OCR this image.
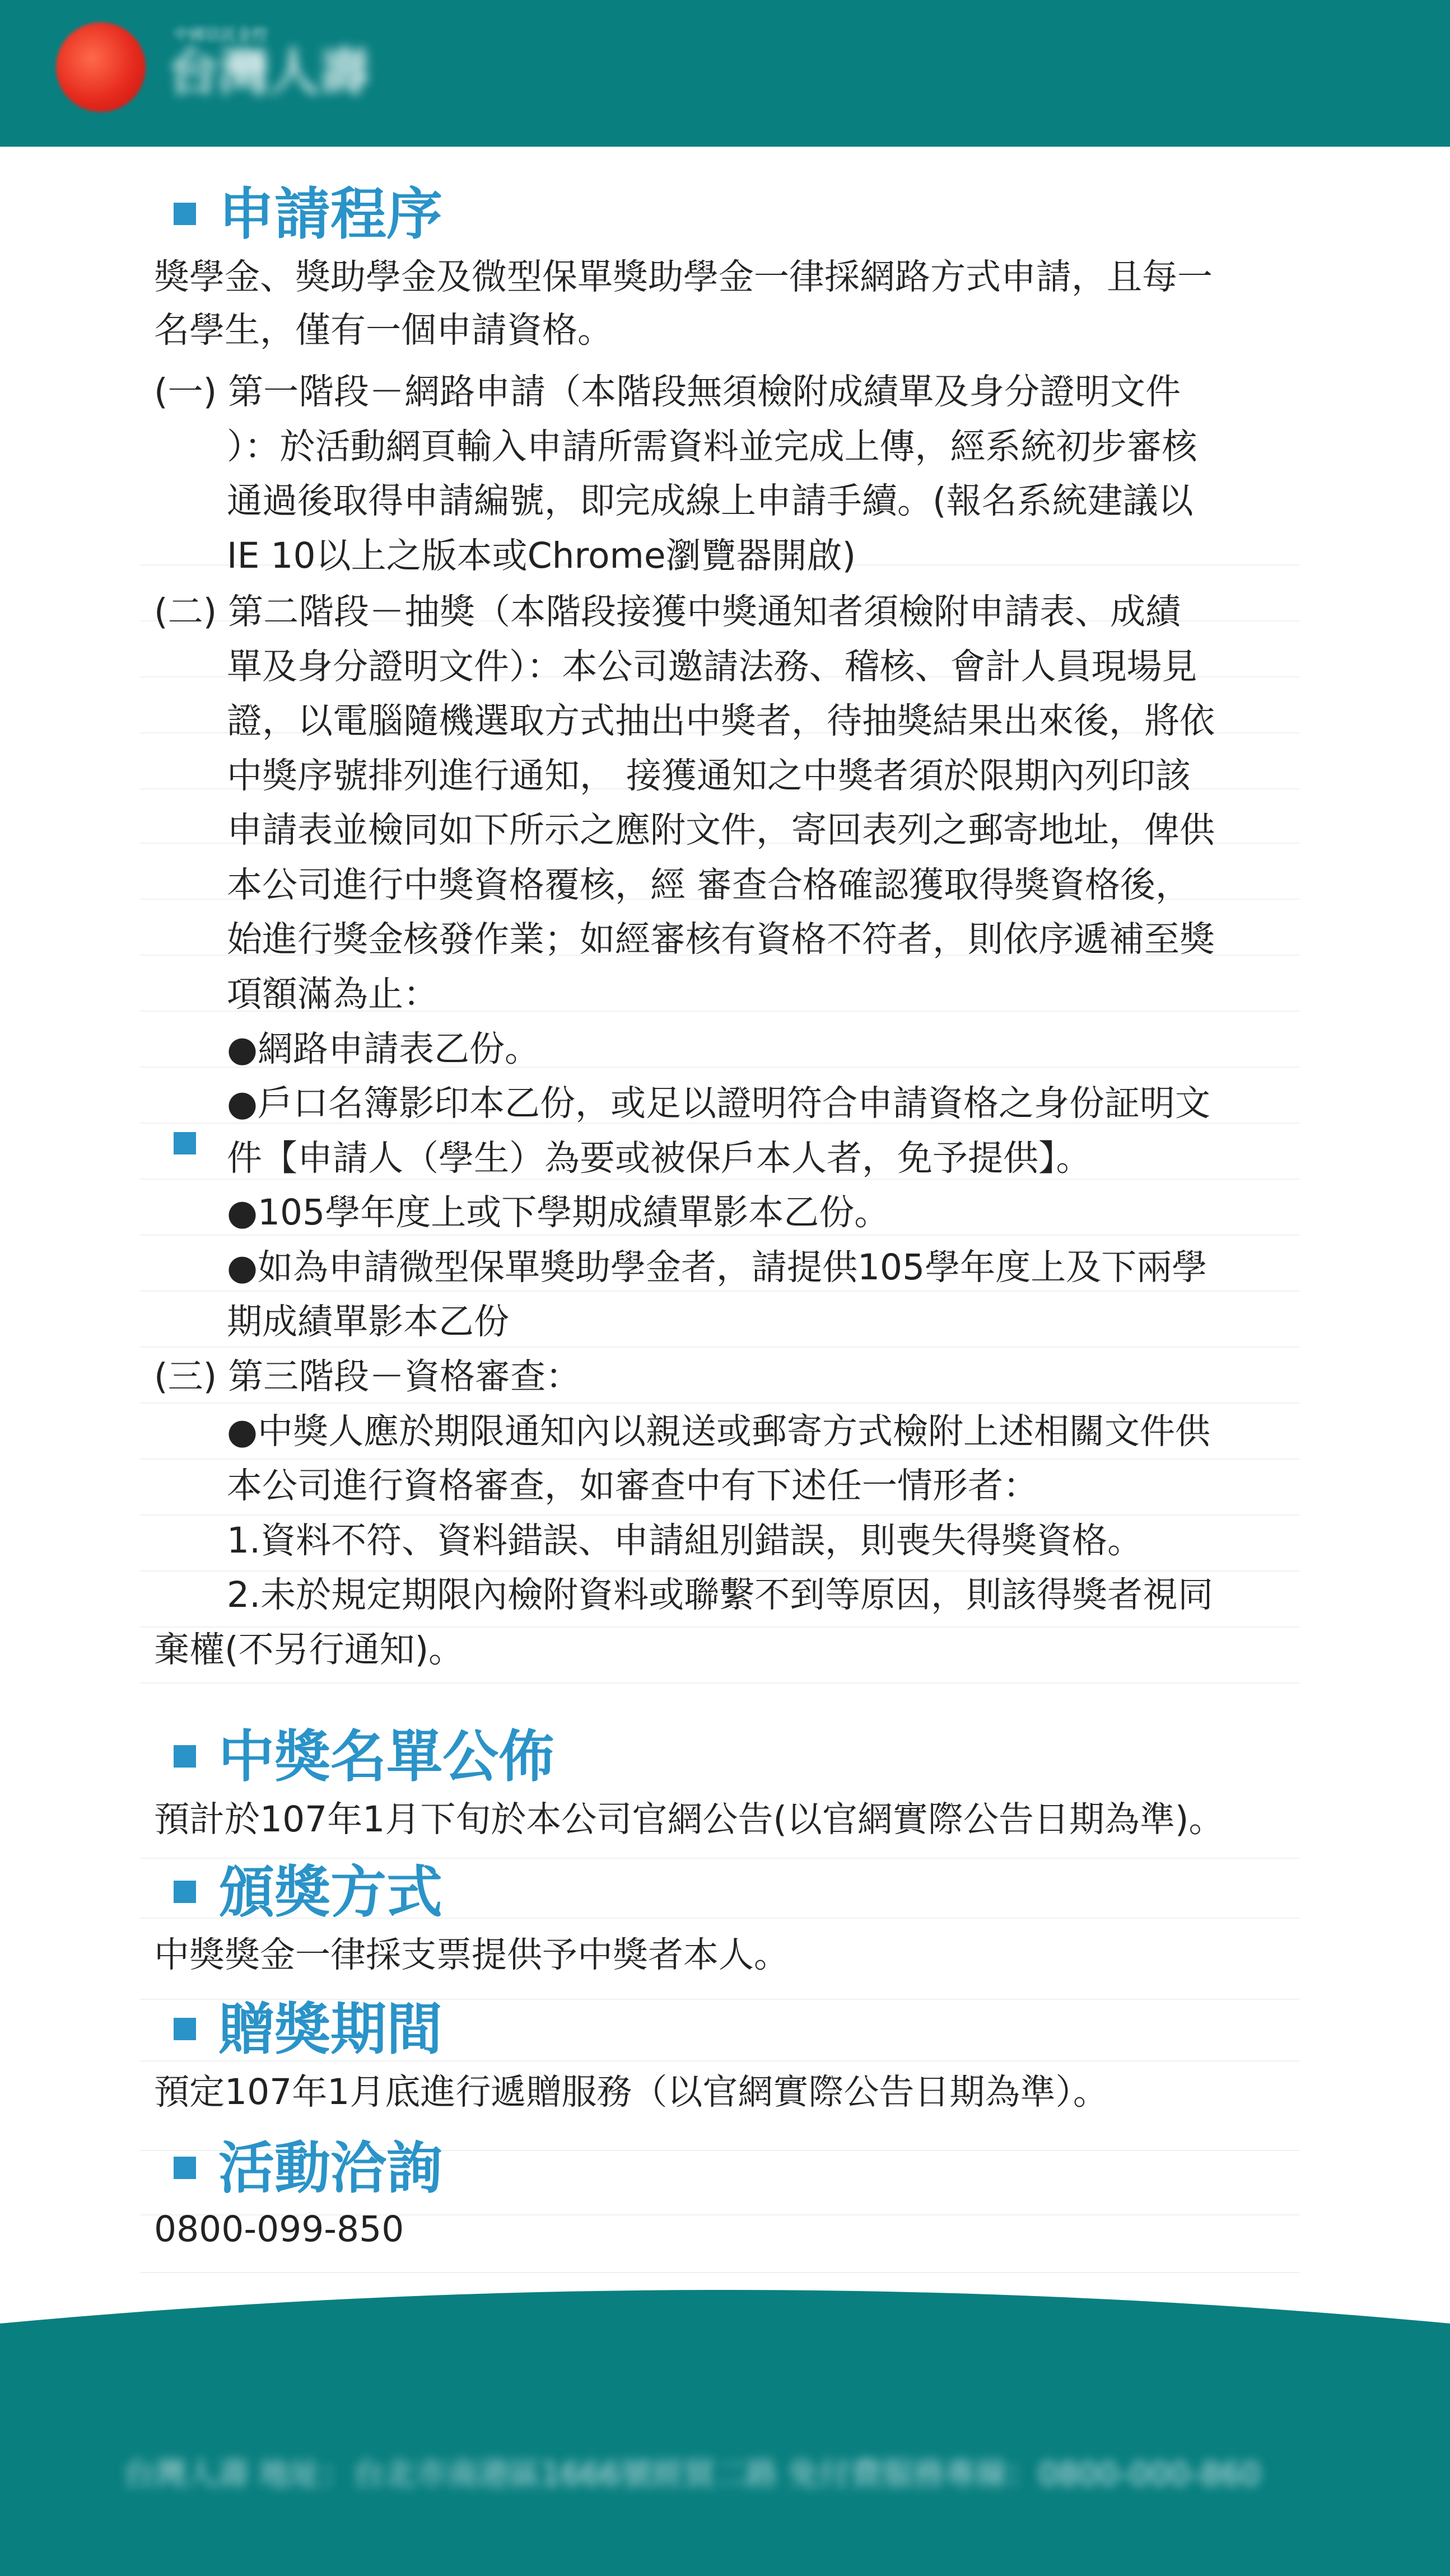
中國信託金控
台灣人壽
申請程序
獎學金、獎助學金及微型保單獎助學金一律採網路方式申請，且每一
名學生，僅有一個申請資格。
(一) 第一階段－網路申請（本階段無須檢附成績單及身分證明文件
）：於活動網頁輸入申請所需資料並完成上傳，經系統初步審核
通過後取得申請編號，即完成線上申請手續。(報名系統建議以
IE 10以上之版本或Chrome瀏覽器開啟)
(二) 第二階段－抽獎（本階段接獲中獎通知者須檢附申請表、成績
單及身分證明文件）：本公司邀請法務、稽核、會計人員現場見
證，以電腦隨機選取方式抽出中獎者，待抽獎結果出來後，將依
中獎序號排列進行通知， 接獲通知之中獎者須於限期內列印該
申請表並檢同如下所示之應附文件，寄回表列之郵寄地址，俾供
本公司進行中獎資格覆核，經 審查合格確認獲取得獎資格後，
始進行獎金核發作業；如經審核有資格不符者，則依序遞補至獎
項額滿為止：
●網路申請表乙份。
●戶口名簿影印本乙份，或足以證明符合申請資格之身份証明文
件【申請人（學生）為要或被保戶本人者，免予提供】。
●105學年度上或下學期成績單影本乙份。
●如為申請微型保單獎助學金者，請提供105學年度上及下兩學
期成績單影本乙份
(三) 第三階段－資格審查：
●中獎人應於期限通知內以親送或郵寄方式檢附上述相關文件供
本公司進行資格審查，如審查中有下述任一情形者：
1.資料不符、資料錯誤、申請組別錯誤，則喪失得獎資格。
2.未於規定期限內檢附資料或聯繫不到等原因，則該得獎者視同
棄權(不另行通知)。
中獎名單公佈
預計於107年1月下旬於本公司官網公告(以官網實際公告日期為準)。
頒獎方式
中獎獎金一律採支票提供予中獎者本人。
贈獎期間
預定107年1月底進行遞贈服務（以官網實際公告日期為準）。
活動洽詢
0800-099-850
台灣人壽 地址：台北市南港區1666號經貿二路 免付費服務專線：0800-000-860
